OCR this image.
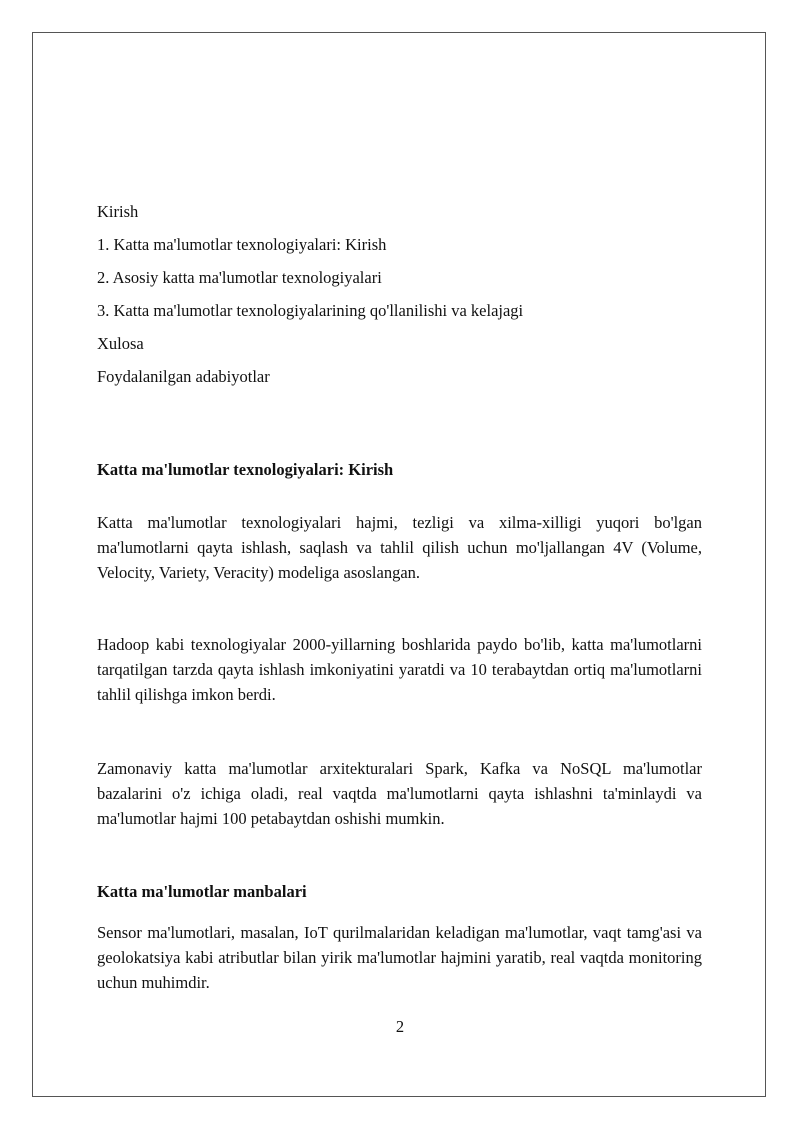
Kirish
1. Katta ma'lumotlar texnologiyalari: Kirish
2. Asosiy katta ma'lumotlar texnologiyalari
3. Katta ma'lumotlar texnologiyalarining qo'llanilishi va kelajagi
Xulosa
Foydalanilgan adabiyotlar
Katta ma'lumotlar texnologiyalari: Kirish
Katta ma'lumotlar texnologiyalari hajmi, tezligi va xilma-xilligi yuqori bo'lgan ma'lumotlarni qayta ishlash, saqlash va tahlil qilish uchun mo'ljallangan 4V (Volume, Velocity, Variety, Veracity) modeliga asoslangan.
Hadoop kabi texnologiyalar 2000-yillarning boshlarida paydo bo'lib, katta ma'lumotlarni tarqatilgan tarzda qayta ishlash imkoniyatini yaratdi va 10 terabaytdan ortiq ma'lumotlarni tahlil qilishga imkon berdi.
Zamonaviy katta ma'lumotlar arxitekturalari Spark, Kafka va NoSQL ma'lumotlar bazalarini o'z ichiga oladi, real vaqtda ma'lumotlarni qayta ishlashni ta'minlaydi va ma'lumotlar hajmi 100 petabaytdan oshishi mumkin.
Katta ma'lumotlar manbalari
Sensor ma'lumotlari, masalan, IoT qurilmalaridan keladigan ma'lumotlar, vaqt tamg'asi va geolokatsiya kabi atributlar bilan yirik ma'lumotlar hajmini yaratib, real vaqtda monitoring uchun muhimdir.
2
